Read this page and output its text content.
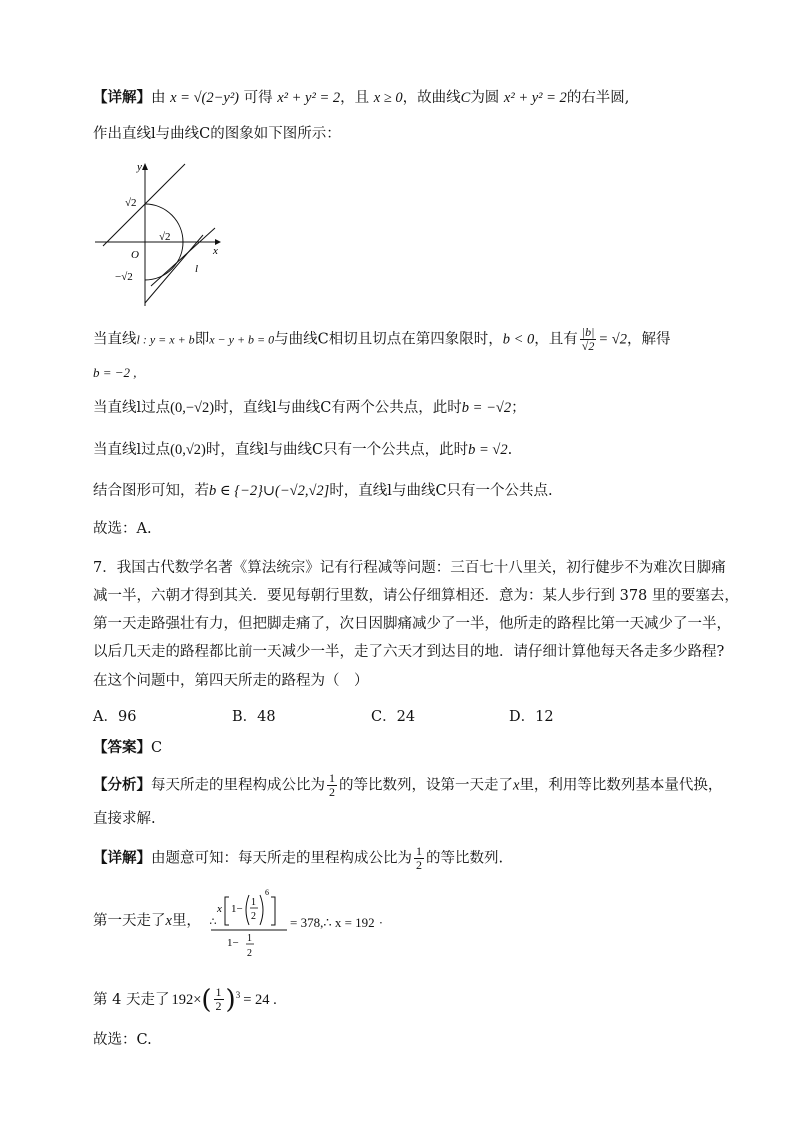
【详解】由 x = √(2−y²) 可得 x² + y² = 2，且 x ≥ 0，故曲线C为圆 x² + y² = 2的右半圆,
作出直线l与曲线C的图象如下图所示：
y
x
O
√2
√2
−√2
l
当直线l : y = x + b即x − y + b = 0与曲线C相切且切点在第四象限时，b < 0，且有 $\frac{|b|}{√2} = √2$，解得
b = −2 ,
当直线l过点(0,−√2)时，直线l与曲线C有两个公共点，此时b = −√2；
当直线l过点(0,√2)时，直线l与曲线C只有一个公共点，此时b = √2.
结合图形可知，若b ∈ {−2}∪(−√2,√2]时，直线l与曲线C只有一个公共点.
故选：A.
7．我国古代数学名著《算法统宗》记有行程减等问题：三百七十八里关，初行健步不为难次日脚痛
减一半，六朝才得到其关．要见每朝行里数，请公仔细算相还．意为：某人步行到 378 里的要塞去，
第一天走路强壮有力，但把脚走痛了，次日因脚痛减少了一半，他所走的路程比第一天减少了一半，
以后几天走的路程都比前一天减少一半，走了六天才到达目的地．请仔细计算他每天各走多少路程?
在这个问题中，第四天所走的路程为（　）
A．96	B．48	C．24	D．12
【答案】C
【分析】每天所走的里程构成公比为 $\frac{1}{2}$ 的等比数列，设第一天走了x里，利用等比数列基本量代换，
直接求解.
【详解】由题意可知：每天所走的里程构成公比为 $\frac{1}{2}$ 的等比数列.
第一天走了x里， ∴
x 1−
1
2
6
1− 1
2
= 378,∴ x = 192 ·
第 4 天走了 $192\times( \frac{1}{2} )^3 = 24$ .
故选：C.
